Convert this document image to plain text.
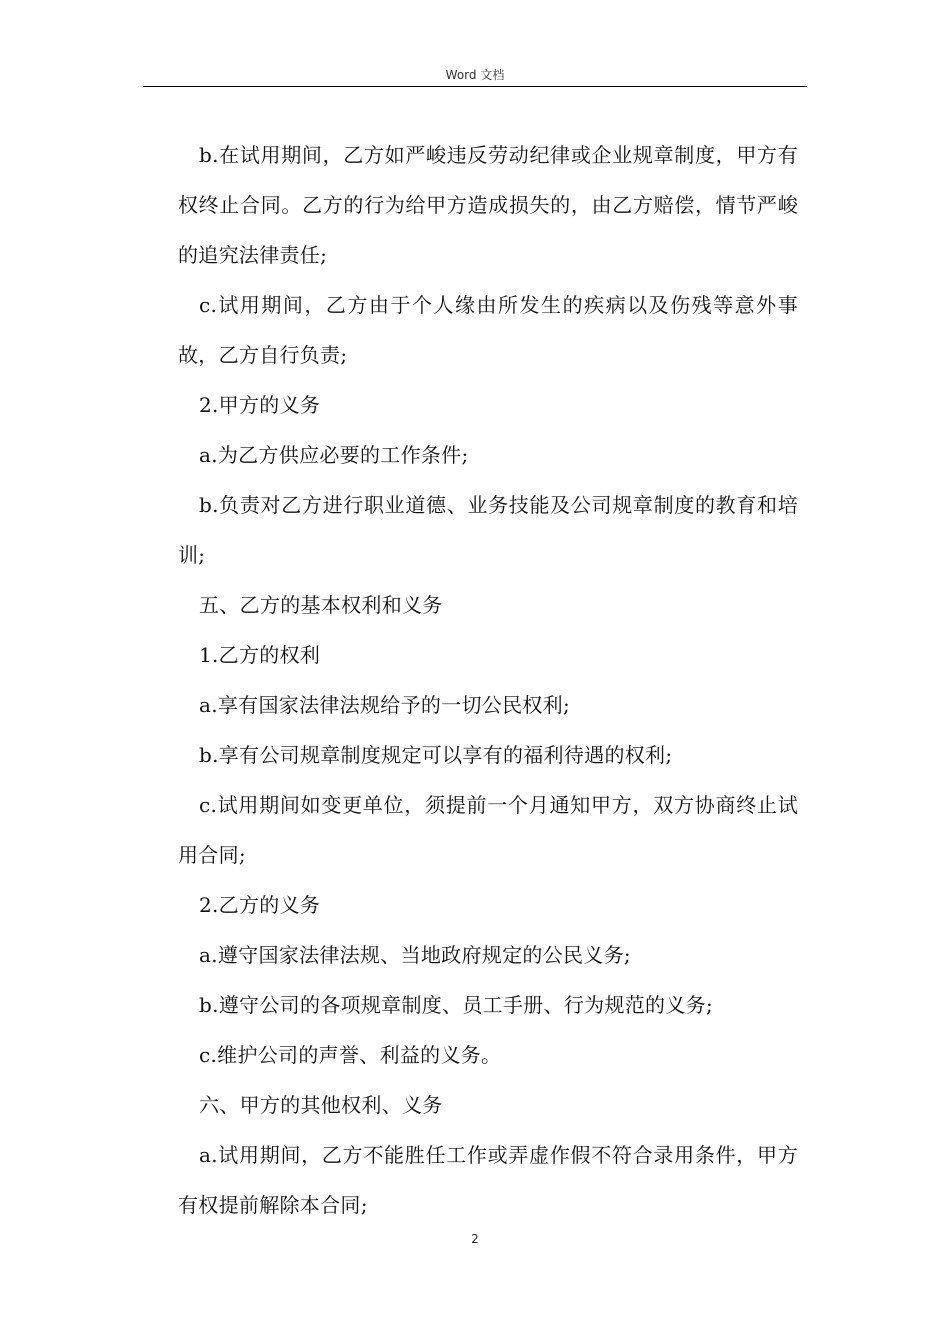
Word 文档

b.在试用期间，乙方如严峻违反劳动纪律或企业规章制度，甲方有权终止合同。乙方的行为给甲方造成损失的，由乙方赔偿，情节严峻的追究法律责任;

c.试用期间，乙方由于个人缘由所发生的疾病以及伤残等意外事故，乙方自行负责;

2.甲方的义务

a.为乙方供应必要的工作条件;

b.负责对乙方进行职业道德、业务技能及公司规章制度的教育和培训;

五、乙方的基本权利和义务

1.乙方的权利

a.享有国家法律法规给予的一切公民权利;

b.享有公司规章制度规定可以享有的福利待遇的权利;

c.试用期间如变更单位，须提前一个月通知甲方，双方协商终止试用合同;

2.乙方的义务

a.遵守国家法律法规、当地政府规定的公民义务;

b.遵守公司的各项规章制度、员工手册、行为规范的义务;

c.维护公司的声誉、利益的义务。

六、甲方的其他权利、义务

a.试用期间，乙方不能胜任工作或弄虚作假不符合录用条件，甲方有权提前解除本合同;

2
